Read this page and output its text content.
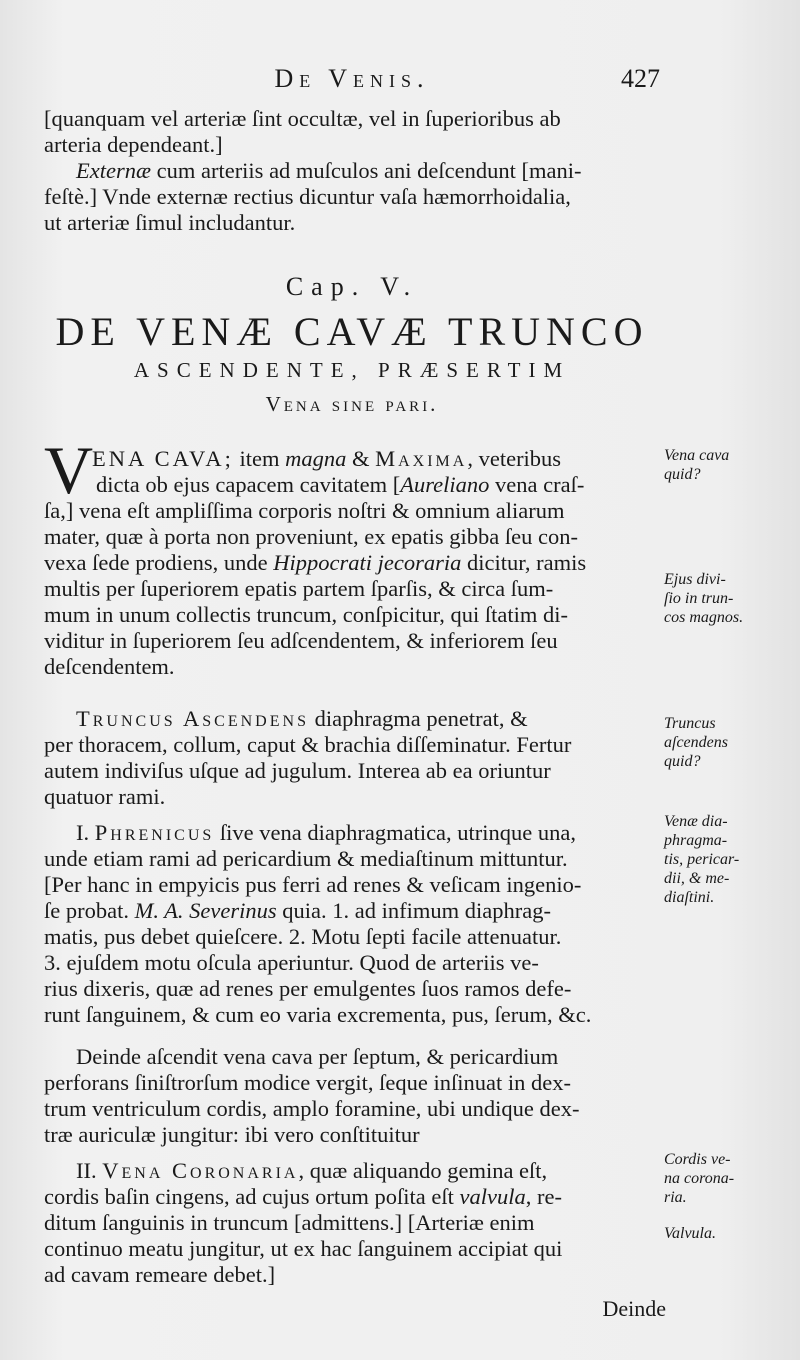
De Venis.	427
[quanquam vel arteriæ ſint occultæ, vel in ſuperioribus ab
arteria dependeant.]
Externæ cum arteriis ad muſculos ani deſcendunt [mani-
feſtè.] Vnde externæ rectius dicuntur vaſa hæmorrhoidalia,
ut arteriæ ſimul includantur.
Cap. V.
DE VENÆ CAVÆ TRUNCO
ASCENDENTE, PRÆSERTIM
Vena sine pari.
V
ENA CAVA; item magna & Maxima, veteribus
dicta ob ejus capacem cavitatem [Aureliano vena craſ-
ſa,] vena eſt ampliſſima corporis noſtri & omnium aliarum
mater, quæ à porta non proveniunt, ex epatis gibba ſeu con-
vexa ſede prodiens, unde Hippocrati jecoraria dicitur, ramis
multis per ſuperiorem epatis partem ſparſis, & circa ſum-
mum in unum collectis truncum, conſpicitur, qui ſtatim di-
viditur in ſuperiorem ſeu adſcendentem, & inferiorem ſeu
deſcendentem.
Truncus Ascendens diaphragma penetrat, &
per thoracem, collum, caput & brachia diſſeminatur. Fertur
autem indiviſus uſque ad jugulum. Interea ab ea oriuntur
quatuor rami.
I. Phrenicus ſive vena diaphragmatica, utrinque una,
unde etiam rami ad pericardium & mediaſtinum mittuntur.
[Per hanc in empyicis pus ferri ad renes & veſicam ingenio-
ſe probat. M. A. Severinus quia. 1. ad infimum diaphrag-
matis, pus debet quieſcere. 2. Motu ſepti facile attenuatur.
3. ejuſdem motu oſcula aperiuntur. Quod de arteriis ve-
rius dixeris, quæ ad renes per emulgentes ſuos ramos defe-
runt ſanguinem, & cum eo varia excrementa, pus, ſerum, &c.
Deinde aſcendit vena cava per ſeptum, & pericardium
perforans ſiniſtrorſum modice vergit, ſeque inſinuat in dex-
trum ventriculum cordis, amplo foramine, ubi undique dex-
træ auriculæ jungitur: ibi vero conſtituitur
II. Vena Coronaria, quæ aliquando gemina eſt,
cordis baſin cingens, ad cujus ortum poſita eſt valvula, re-
ditum ſanguinis in truncum [admittens.] [Arteriæ enim
continuo meatu jungitur, ut ex hac ſanguinem accipiat qui
ad cavam remeare debet.]
Deinde
Vena cava
quid?
Ejus divi-
ſio in trun-
cos magnos.
Truncus
aſcendens
quid?
Venæ dia-
phragma-
tis, pericar-
dii, & me-
diaſtini.
Cordis ve-
na corona-
ria.
Valvula.
